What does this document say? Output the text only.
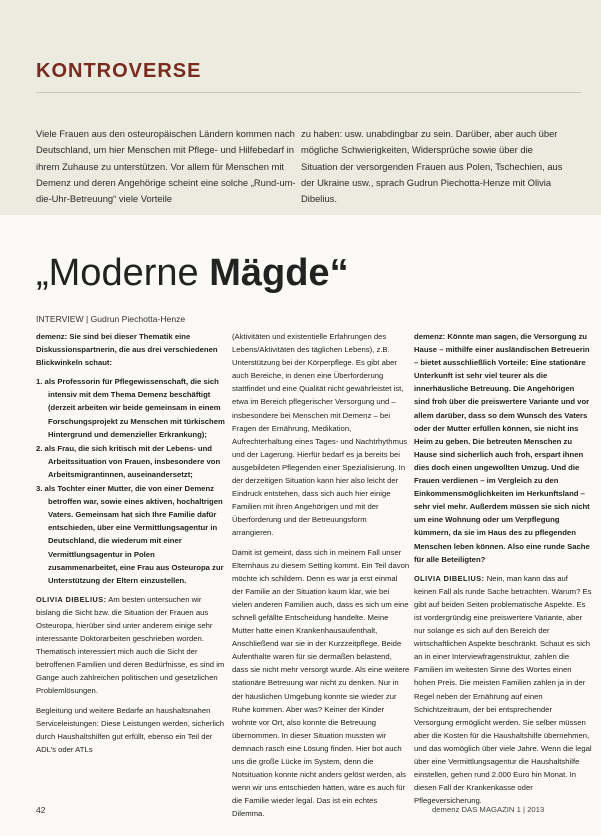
KONTROVERSE
Viele Frauen aus den osteuropäischen Ländern kommen nach Deutschland, um hier Menschen mit Pflege- und Hilfebedarf in ihrem Zuhause zu unterstützen. Vor allem für Menschen mit Demenz und deren Angehörige scheint eine solche „Rund-um-die-Uhr-Betreuung“ viele Vorteile
zu haben: usw. unabdingbar zu sein. Darüber, aber auch über mögliche Schwierigkeiten, Widersprüche sowie über die Situation der versorgenden Frauen aus Polen, Tschechien, aus der Ukraine usw., sprach Gudrun Piechotta-Henze mit Olivia Dibelius.
„Moderne Mägde“
INTERVIEW | Gudrun Piechotta-Henze

demenz: Sie sind bei dieser Thematik eine Diskussionspartnerin, die aus drei verschiedenen Blickwinkeln schaut:

1. als Professorin für Pflegewissenschaft, die sich intensiv mit dem Thema Demenz beschäftigt (derzeit arbeiten wir beide gemeinsam in einem Forschungsprojekt zu Menschen mit türkischem Hintergrund und demenzieller Erkrankung);
2. als Frau, die sich kritisch mit der Lebens- und Arbeitssituation von Frauen, insbesondere von Arbeitsmigrantinnen, auseinandersetzt;
3. als Tochter einer Mutter, die von einer Demenz betroffen war, sowie eines aktiven, hochaltrigen Vaters. Gemeinsam hat sich Ihre Familie dafür entschieden, über eine Vermittlungsagentur in Deutschland, die wiederum mit einer Vermittlungsagentur in Polen zusammenarbeitet, eine Frau aus Osteuropa zur Unterstützung der Eltern einzustellen.

OLIVIA DIBELIUS: Am besten untersuchen wir bislang die Sicht bzw. die Situation der Frauen aus Osteuropa, hierüber sind unter anderem einige sehr interessante Doktorarbeiten geschrieben worden. Thematisch interessiert mich auch die Sicht der betroffenen Familien und deren Bedürfnisse, es sind im Gange auch zahlreichen politischen und gesetzlichen Problemlösungen.

Begleitung und weitere Bedarfe an haushaltsnahen Serviceleistungen: Diese Leistungen werden, sicherlich durch Haushaltshilfen gut erfüllt, ebenso ein Teil der ADL’s oder ATLs

(Aktivitäten und existentielle Erfahrungen des Lebens/Aktivitäten des täglichen Lebens), z.B. Unterstützung bei der Körperpflege. Es gibt aber auch Bereiche, in denen eine Überforderung stattfindet und eine Qualität nicht gewährleistet ist, etwa im Bereich pflegerischer Versorgung und – insbesondere bei Menschen mit Demenz – bei Fragen der Ernährung, Medikation, Aufrechterhaltung eines Tages- und Nachtrhythmus und der Lagerung. Hierfür bedarf es ja bereits bei ausgebildeten Pflegenden einer Spezialisierung. In der derzeitigen Situation kann hier also leicht der Eindruck entstehen, dass sich auch hier einige Familien mit ihren Angehörigen und mit der Überforderung und der Betreuungsform arrangieren.

Damit ist gemeint, dass sich in meinem Fall unser Elternhaus zu diesem Setting kommt. Ein Teil davon möchte ich schildern. Denn es war ja erst einmal der Familie an der Situation kaum klar, wie bei vielen anderen Familien auch, dass es sich um eine schnell gefällte Entscheidung handelte. Meine Mutter hatte einen Krankenhausaufenthalt, Anschließend war sie in der Kurzzeitpflege. Beide Aufenthalte waren für sie dermaßen belastend, dass sie nicht mehr versorgt wurde. Als eine weitere stationäre Betreuung war nicht zu denken. Nur in der häuslichen Umgebung konnte sie wieder zur Ruhe kommen. Aber was? Keiner der Kinder wohnte vor Ort, also konnte die Betreuung übernommen. In dieser Situation mussten wir demnach rasch eine Lösung finden. Hier bot auch uns die große Lücke im System, denn die Notsituation konnte nicht anders gelöst werden, als wenn wir uns entschieden hätten, wäre es auch für die Familie wieder legal. Das ist ein echtes Dilemma.

demenz: Könnte man sagen, die Versorgung zu Hause – mithilfe einer ausländischen Betreuerin – bietet ausschließlich Vorteile: Eine stationäre Unterkunft ist sehr viel teurer als die innerhäusliche Betreuung. Die Angehörigen sind froh über die preiswertere Variante und vor allem darüber, dass so dem Wunsch des Vaters oder der Mutter erfüllen können, sie nicht ins Heim zu geben. Die betreuten Menschen zu Hause sind sicherlich auch froh, erspart ihnen dies doch einen ungewollten Umzug. Und die Frauen verdienen – im Vergleich zu den Einkommensmöglichkeiten im Herkunftsland – sehr viel mehr. Außerdem müssen sie sich nicht um eine Wohnung oder um Verpflegung kümmern, da sie im Haus des zu pflegenden Menschen leben können. Also eine runde Sache für alle Beteiligten?

OLIVIA DIBELIUS: Nein, man kann das auf keinen Fall als runde Sache betrachten. Warum? Es gibt auf beiden Seiten problematische Aspekte. Es ist vordergründig eine preiswertere Variante, aber nur solange es sich auf den Bereich der wirtschaftlichen Aspekte beschränkt. Schaut es sich an in einer Interviewfragenstruktur, zahlen die Familien im weitesten Sinne des Wortes einen hohen Preis. Die meisten Familien zahlen ja in der Regel neben der Ernährung auf einen Schichtzeitraum, der bei entsprechender Versorgung ermöglicht werden. Sie selber müssen aber die Kosten für die Haushaltshilfe übernehmen, und das womöglich über viele Jahre. Wenn die legal über eine Vermittlungsagentur die Haushaltshilfe einstellen, gehen rund 2.000 Euro hin Monat. In diesen Fall der Krankenkasse oder Pflegeversicherung.

42	demenz DAS MAGAZIN 1 | 2013
